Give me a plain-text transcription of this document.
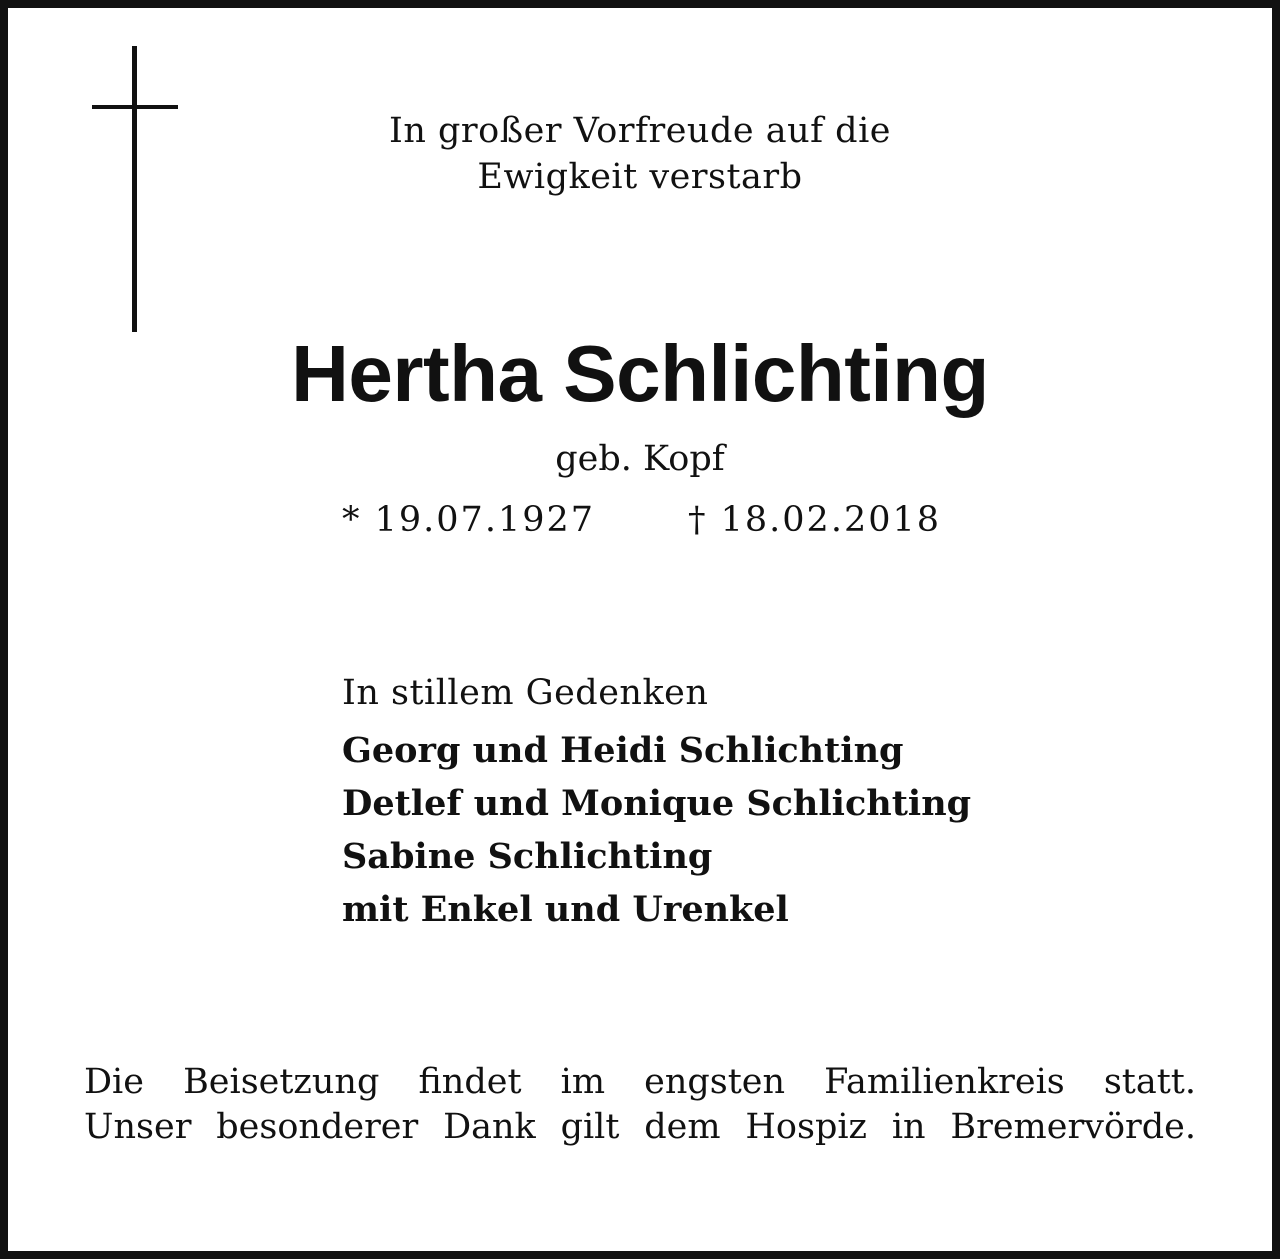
In großer Vorfreude auf die
Ewigkeit verstarb
Hertha Schlichting
geb. Kopf
* 19.07.1927	† 18.02.2018
In stillem Gedenken
Georg und Heidi Schlichting
Detlef und Monique Schlichting
Sabine Schlichting
mit Enkel und Urenkel
Die Beisetzung findet im engsten Familienkreis statt.
Unser besonderer Dank gilt dem Hospiz in Bremervörde.
